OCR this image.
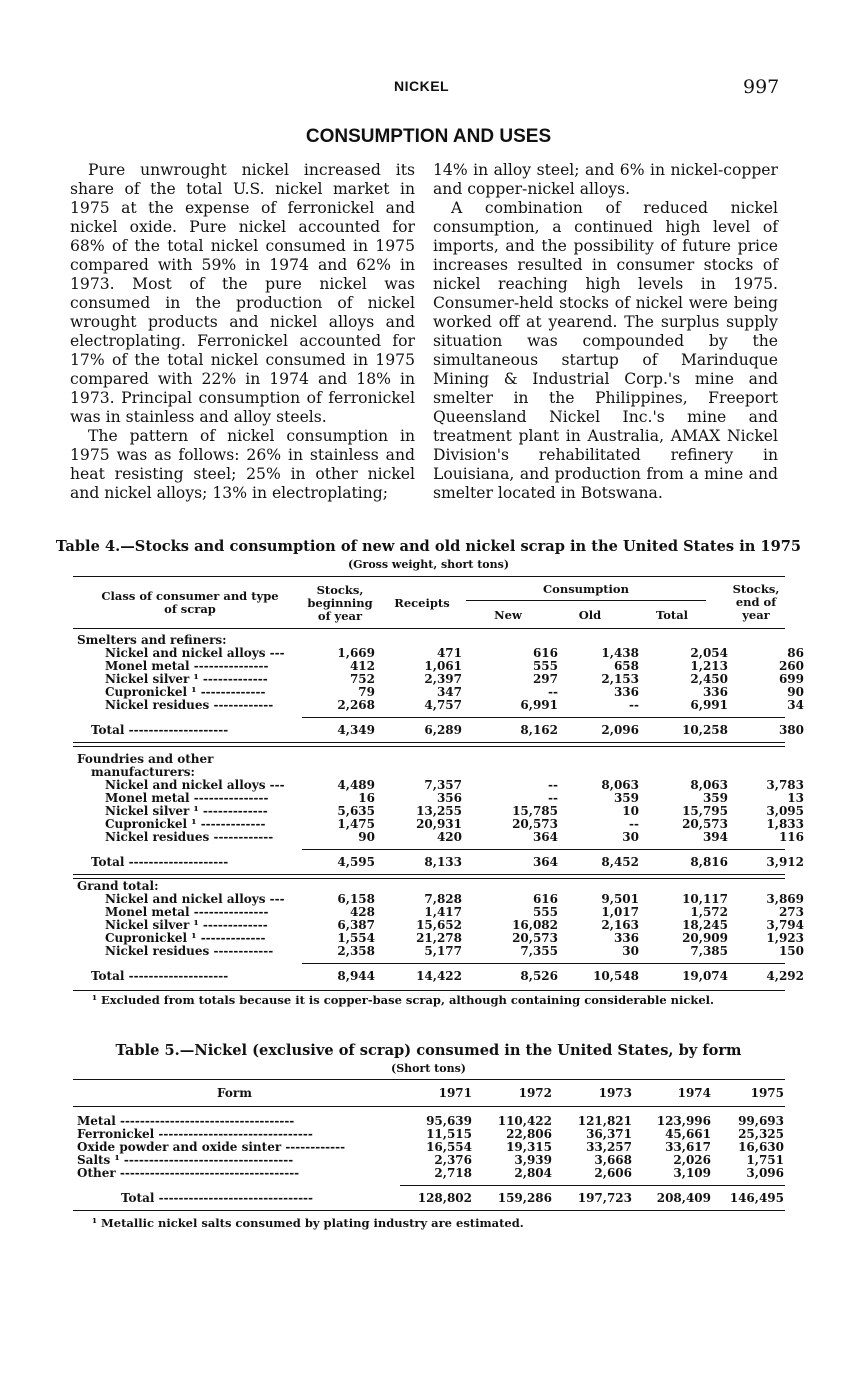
NICKEL	997
CONSUMPTION AND USES

Pure unwrought nickel increased its share of the total U.S. nickel market in 1975 at the expense of ferronickel and nickel oxide. Pure nickel accounted for 68% of the total nickel consumed in 1975 compared with 59% in 1974 and 62% in 1973. Most of the pure nickel was consumed in the production of nickel wrought products and nickel alloys and electroplating. Ferronickel accounted for 17% of the total nickel consumed in 1975 compared with 22% in 1974 and 18% in 1973. Principal consumption of ferronickel was in stainless and alloy steels.

The pattern of nickel consumption in 1975 was as follows: 26% in stainless and heat resisting steel; 25% in other nickel and nickel alloys; 13% in electroplating;

14% in alloy steel; and 6% in nickel-copper and copper-nickel alloys.

A combination of reduced nickel consumption, a continued high level of imports, and the possibility of future price increases resulted in consumer stocks of nickel reaching high levels in 1975. Consumer-held stocks of nickel were being worked off at yearend. The surplus supply situation was compounded by the simultaneous startup of Marinduque Mining & Industrial Corp.'s mine and smelter in the Philippines, Freeport Queensland Nickel Inc.'s mine and treatment plant in Australia, AMAX Nickel Division's rehabilitated refinery in Louisiana, and production from a mine and smelter located in Botswana.

Table 4.—Stocks and consumption of new and old nickel scrap in the United States in 1975
(Gross weight, short tons)
Class of consumer and type of scrap
Stocks, beginning of year
Receipts
Consumption
New	Old	Total
Stocks, end of year
Smelters and refiners:
Nickel and nickel alloys ---	1,669	471	616	1,438	2,054	86
Monel metal ---------------	412	1,061	555	658	1,213	260
Nickel silver ¹ -------------	752	2,397	297	2,153	2,450	699
Cupronickel ¹ -------------	79	347	--	336	336	90
Nickel residues ------------	2,268	4,757	6,991	--	6,991	34
Total --------------------	4,349	6,289	8,162	2,096	10,258	380
Foundries and other
manufacturers:
Nickel and nickel alloys ---	4,489	7,357	--	8,063	8,063	3,783
Monel metal ---------------	16	356	--	359	359	13
Nickel silver ¹ -------------	5,635	13,255	15,785	10	15,795	3,095
Cupronickel ¹ -------------	1,475	20,931	20,573	--	20,573	1,833
Nickel residues ------------	90	420	364	30	394	116
Total --------------------	4,595	8,133	364	8,452	8,816	3,912
Grand total:
Nickel and nickel alloys ---	6,158	7,828	616	9,501	10,117	3,869
Monel metal ---------------	428	1,417	555	1,017	1,572	273
Nickel silver ¹ -------------	6,387	15,652	16,082	2,163	18,245	3,794
Cupronickel ¹ -------------	1,554	21,278	20,573	336	20,909	1,923
Nickel residues ------------	2,358	5,177	7,355	30	7,385	150
Total --------------------	8,944	14,422	8,526	10,548	19,074	4,292
¹ Excluded from totals because it is copper-base scrap, although containing considerable nickel.
Table 5.—Nickel (exclusive of scrap) consumed in the United States, by form
(Short tons)
Form	1971	1972	1973	1974	1975
Metal -----------------------------------	95,639 110,422 121,821 123,996 99,693
Ferronickel -------------------------------	11,515	22,806	36,371	45,661 25,325
Oxide powder and oxide sinter ------------	16,554	19,315	33,257	33,617 16,630
Salts ¹ ----------------------------------	2,376	3,939	3,668	2,026	1,751
Other ------------------------------------	2,718	2,804	2,606	3,109	3,096
Total -------------------------------	128,802 159,286 197,723 208,409 146,495
¹ Metallic nickel salts consumed by plating industry are estimated.
